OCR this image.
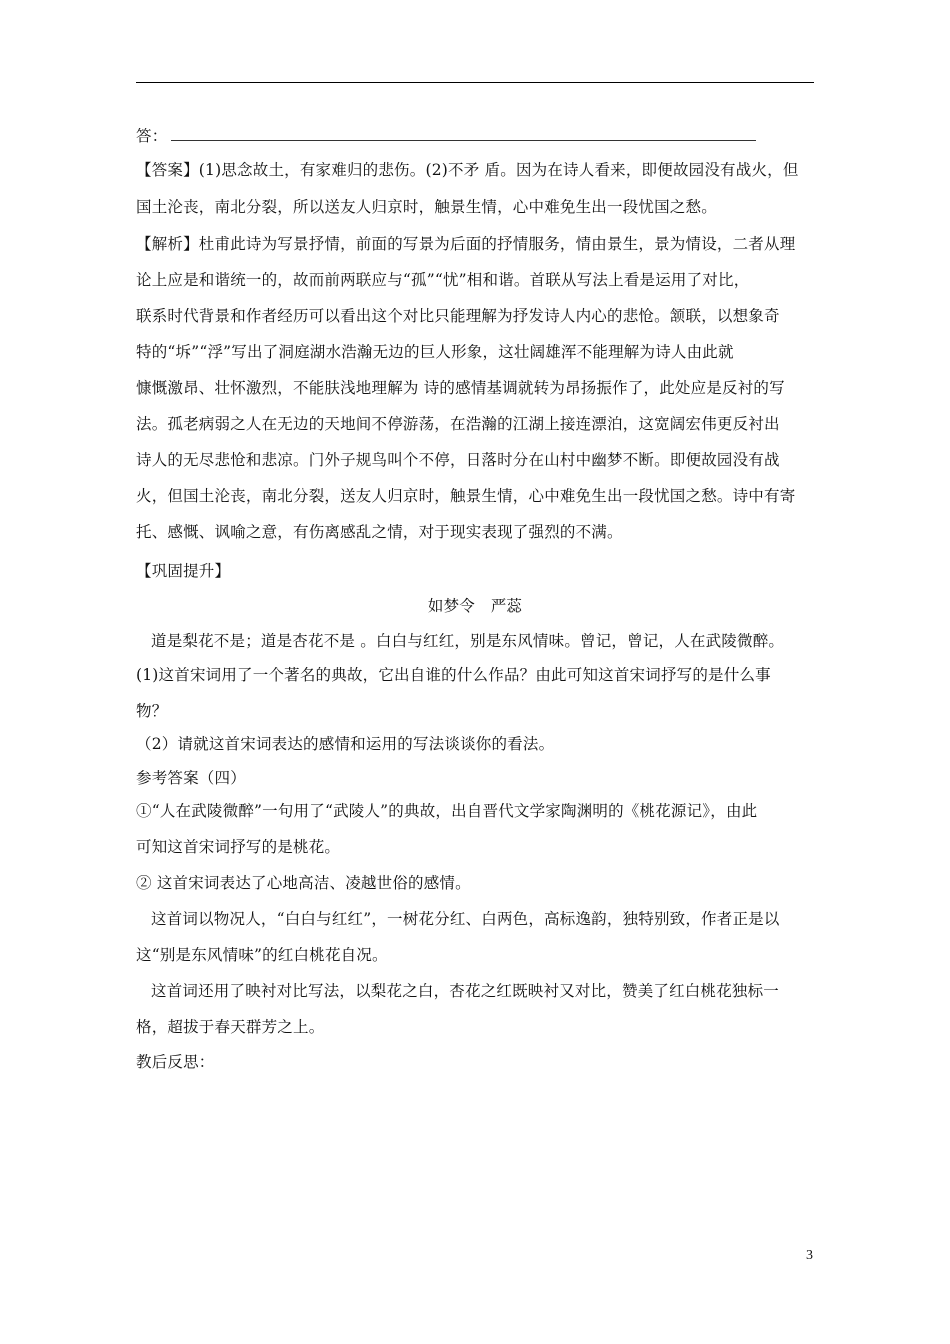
答：
【答案】(1)思念故土，有家难归的悲伤。(2)不矛 盾。因为在诗人看来，即便故园没有战火，但
国土沦丧，南北分裂，所以送友人归京时，触景生情，心中难免生出一段忧国之愁。
【解析】杜甫此诗为写景抒情，前面的写景为后面的抒情服务，情由景生，景为情设，二者从理
论上应是和谐统一的，故而前两联应与“孤”“忧”相和谐。首联从写法上看是运用了对比，
联系时代背景和作者经历可以看出这个对比只能理解为抒发诗人内心的悲怆。颔联，以想象奇
特的“坼”“浮”写出了洞庭湖水浩瀚无边的巨人形象，这壮阔雄浑不能理解为诗人由此就
慷慨激昂、壮怀激烈，不能肤浅地理解为 诗的感情基调就转为昂扬振作了，此处应是反衬的写
法。孤老病弱之人在无边的天地间不停游荡，在浩瀚的江湖上接连漂泊，这宽阔宏伟更反衬出
诗人的无尽悲怆和悲凉。门外子规鸟叫个不停，日落时分在山村中幽梦不断。即便故园没有战
火，但国土沦丧，南北分裂，送友人归京时，触景生情，心中难免生出一段忧国之愁。诗中有寄
托、感慨、讽喻之意，有伤离感乱之情，对于现实表现了强烈的不满。
【巩固提升】
如梦令　严蕊
道是梨花不是；道是杏花不是 。白白与红红，别是东风情味。曾记，曾记，人在武陵微醉。
(1)这首宋词用了一个著名的典故，它出自谁的什么作品？由此可知这首宋词抒写的是什么事
物？
（2）请就这首宋词表达的感情和运用的写法谈谈你的看法。
参考答案（四）
①“人在武陵微醉”一句用了“武陵人”的典故，出自晋代文学家陶渊明的《桃花源记》，由此
可知这首宋词抒写的是桃花。
② 这首宋词表达了心地高洁、凌越世俗的感情。
这首词以物况人，“白白与红红”，一树花分红、白两色，高标逸韵，独特别致，作者正是以
这“别是东风情味”的红白桃花自况。
这首词还用了映衬对比写法，以梨花之白，杏花之红既映衬又对比，赞美了红白桃花独标一
格，超拔于春天群芳之上。
教后反思：
3
